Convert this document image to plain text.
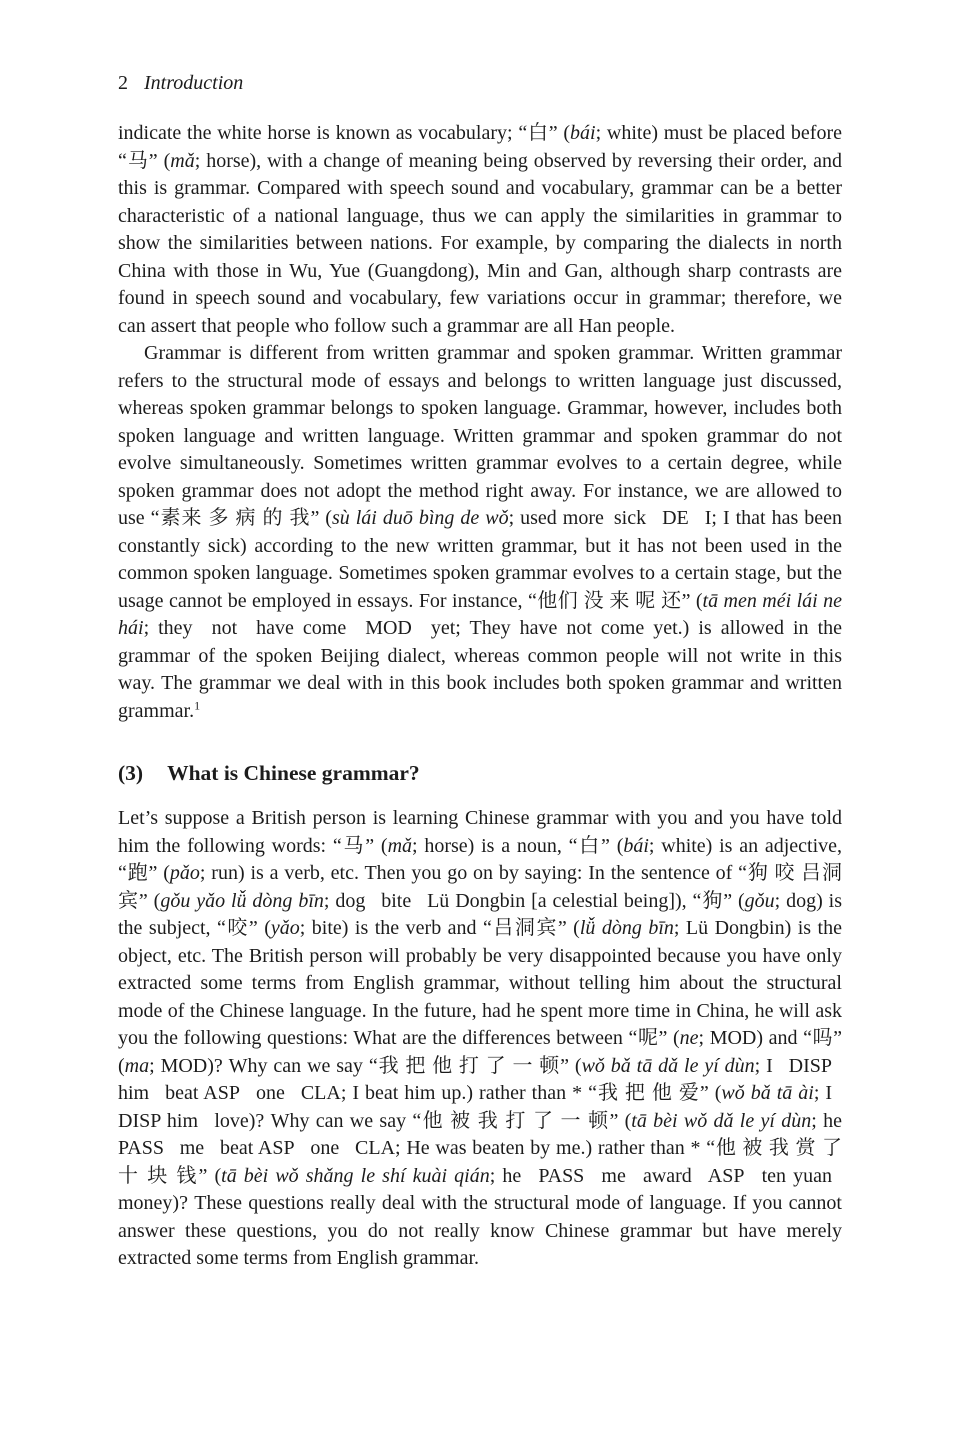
2 Introduction

indicate the white horse is known as vocabulary; “白” (bái; white) must be placed before “马” (mǎ; horse), with a change of meaning being observed by reversing their order, and this is grammar. Compared with speech sound and vocabulary, grammar can be a better characteristic of a national language, thus we can apply the similarities in grammar to show the similarities between nations. For example, by comparing the dialects in north China with those in Wu, Yue (Guangdong), Min and Gan, although sharp contrasts are found in speech sound and vocabulary, few variations occur in grammar; therefore, we can assert that people who follow such a grammar are all Han people.

Grammar is different from written grammar and spoken grammar. Written grammar refers to the structural mode of essays and belongs to written language just discussed, whereas spoken grammar belongs to spoken language. Grammar, however, includes both spoken language and written language. Written grammar and spoken grammar do not evolve simultaneously. Sometimes written grammar evolves to a certain degree, while spoken grammar does not adopt the method right away. For instance, we are allowed to use “素来 多 病 的 我” (sù lái duō bìng de wǒ; used more sick  DE  I; I that has been constantly sick) according to the new written grammar, but it has not been used in the common spoken language. Sometimes spoken grammar evolves to a certain stage, but the usage cannot be employed in essays. For instance, “他们 没 来 呢 还” (tā men méi lái ne hái; they  not  have come  MOD  yet; They have not come yet.) is allowed in the grammar of the spoken Beijing dialect, whereas common people will not write in this way. The grammar we deal with in this book includes both spoken grammar and written grammar.$^1$

(3) What is Chinese grammar?

Let’s suppose a British person is learning Chinese grammar with you and you have told him the following words: “马” (mǎ; horse) is a noun, “白” (bái; white) is an adjective, “跑” (pǎo; run) is a verb, etc. Then you go on by saying: In the sentence of “狗 咬 吕洞宾” (gǒu yǎo lǚ dòng bīn; dog  bite  Lü Dongbin [a celestial being]), “狗” (gǒu; dog) is the subject, “咬” (yǎo; bite) is the verb and “吕洞宾” (lǚ dòng bīn; Lü Dongbin) is the object, etc. The British person will probably be very disappointed because you have only extracted some terms from English grammar, without telling him about the structural mode of the Chinese language. In the future, had he spent more time in China, he will ask you the following questions: What are the differences between “呢” (ne; MOD) and “吗” (ma; MOD)? Why can we say “我 把 他 打 了 一 顿” (wǒ bǎ tā dǎ le yí dùn; I  DISP  him  beat ASP  one  CLA; I beat him up.) rather than * “我 把 他 爱” (wǒ bǎ tā ài; I  DISP him  love)? Why can we say “他 被 我 打 了 一 顿” (tā bèi wǒ dǎ le yí dùn; he PASS  me  beat ASP  one  CLA; He was beaten by me.) rather than * “他 被 我 赏 了 十 块 钱” (tā bèi wǒ shǎng le shí kuài qián; he  PASS  me  award  ASP  ten yuan  money)? These questions really deal with the structural mode of language. If you cannot answer these questions, you do not really know Chinese grammar but have merely extracted some terms from English grammar.
